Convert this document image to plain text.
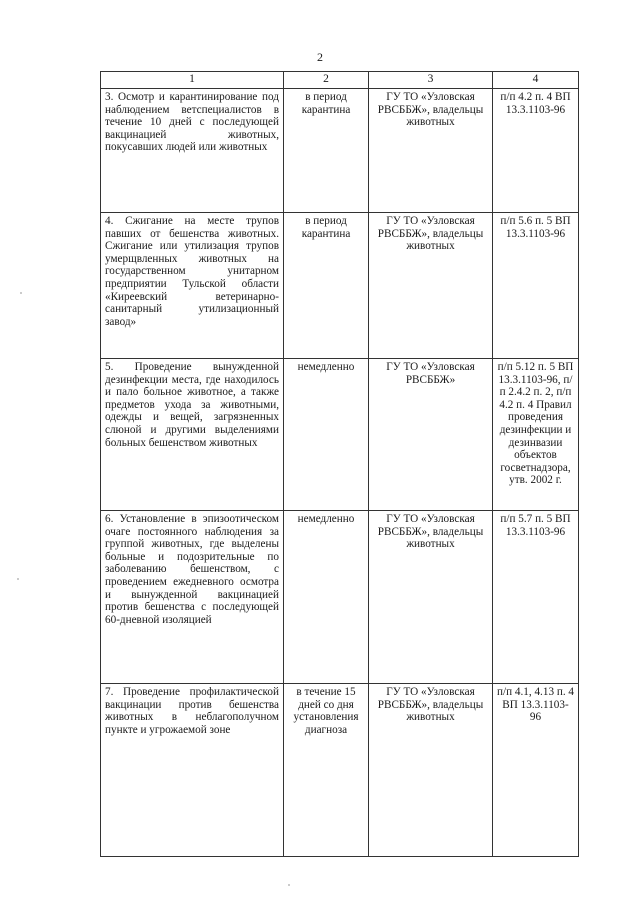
2
1	2	3	4
3. Осмотр и карантинирование под наблюдением ветспециалистов в течение 10 дней с последующей вакцинацией животных, покусавших людей или животных	в период карантина	ГУ ТО «Узловская РВСББЖ», владельцы животных	п/п 4.2 п. 4 ВП 13.3.1103-96
4. Сжигание на месте трупов павших от бешенства животных. Сжигание или утилизация трупов умерщвленных животных на государственном унитарном предприятии Тульской области «Киреевский ветеринарно-санитарный утилизационный завод»	в период карантина	ГУ ТО «Узловская РВСББЖ», владельцы животных	п/п 5.6 п. 5 ВП 13.3.1103-96
5. Проведение вынужденной дезинфекции места, где находилось и пало больное животное, а также предметов ухода за животными, одежды и вещей, загрязненных слюной и другими выделениями больных бешенством животных	немедленно	ГУ ТО «Узловская РВСББЖ»	п/п 5.12 п. 5 ВП 13.3.1103-96, п/п 2.4.2 п. 2, п/п 4.2 п. 4 Правил проведения дезинфекции и дезинвазии объектов госветнадзора, утв. 2002 г.
6. Установление в эпизоотическом очаге постоянного наблюдения за группой животных, где выделены больные и подозрительные по заболеванию бешенством, с проведением ежедневного осмотра и вынужденной вакцинацией против бешенства с последующей 60-дневной изоляцией	немедленно	ГУ ТО «Узловская РВСББЖ», владельцы животных	п/п 5.7 п. 5 ВП 13.3.1103-96
7. Проведение профилактической вакцинации против бешенства животных в неблагополучном пункте и угрожаемой зоне	в течение 15 дней со дня установления диагноза	ГУ ТО «Узловская РВСББЖ», владельцы животных	п/п 4.1, 4.13 п. 4 ВП 13.3.1103-96
